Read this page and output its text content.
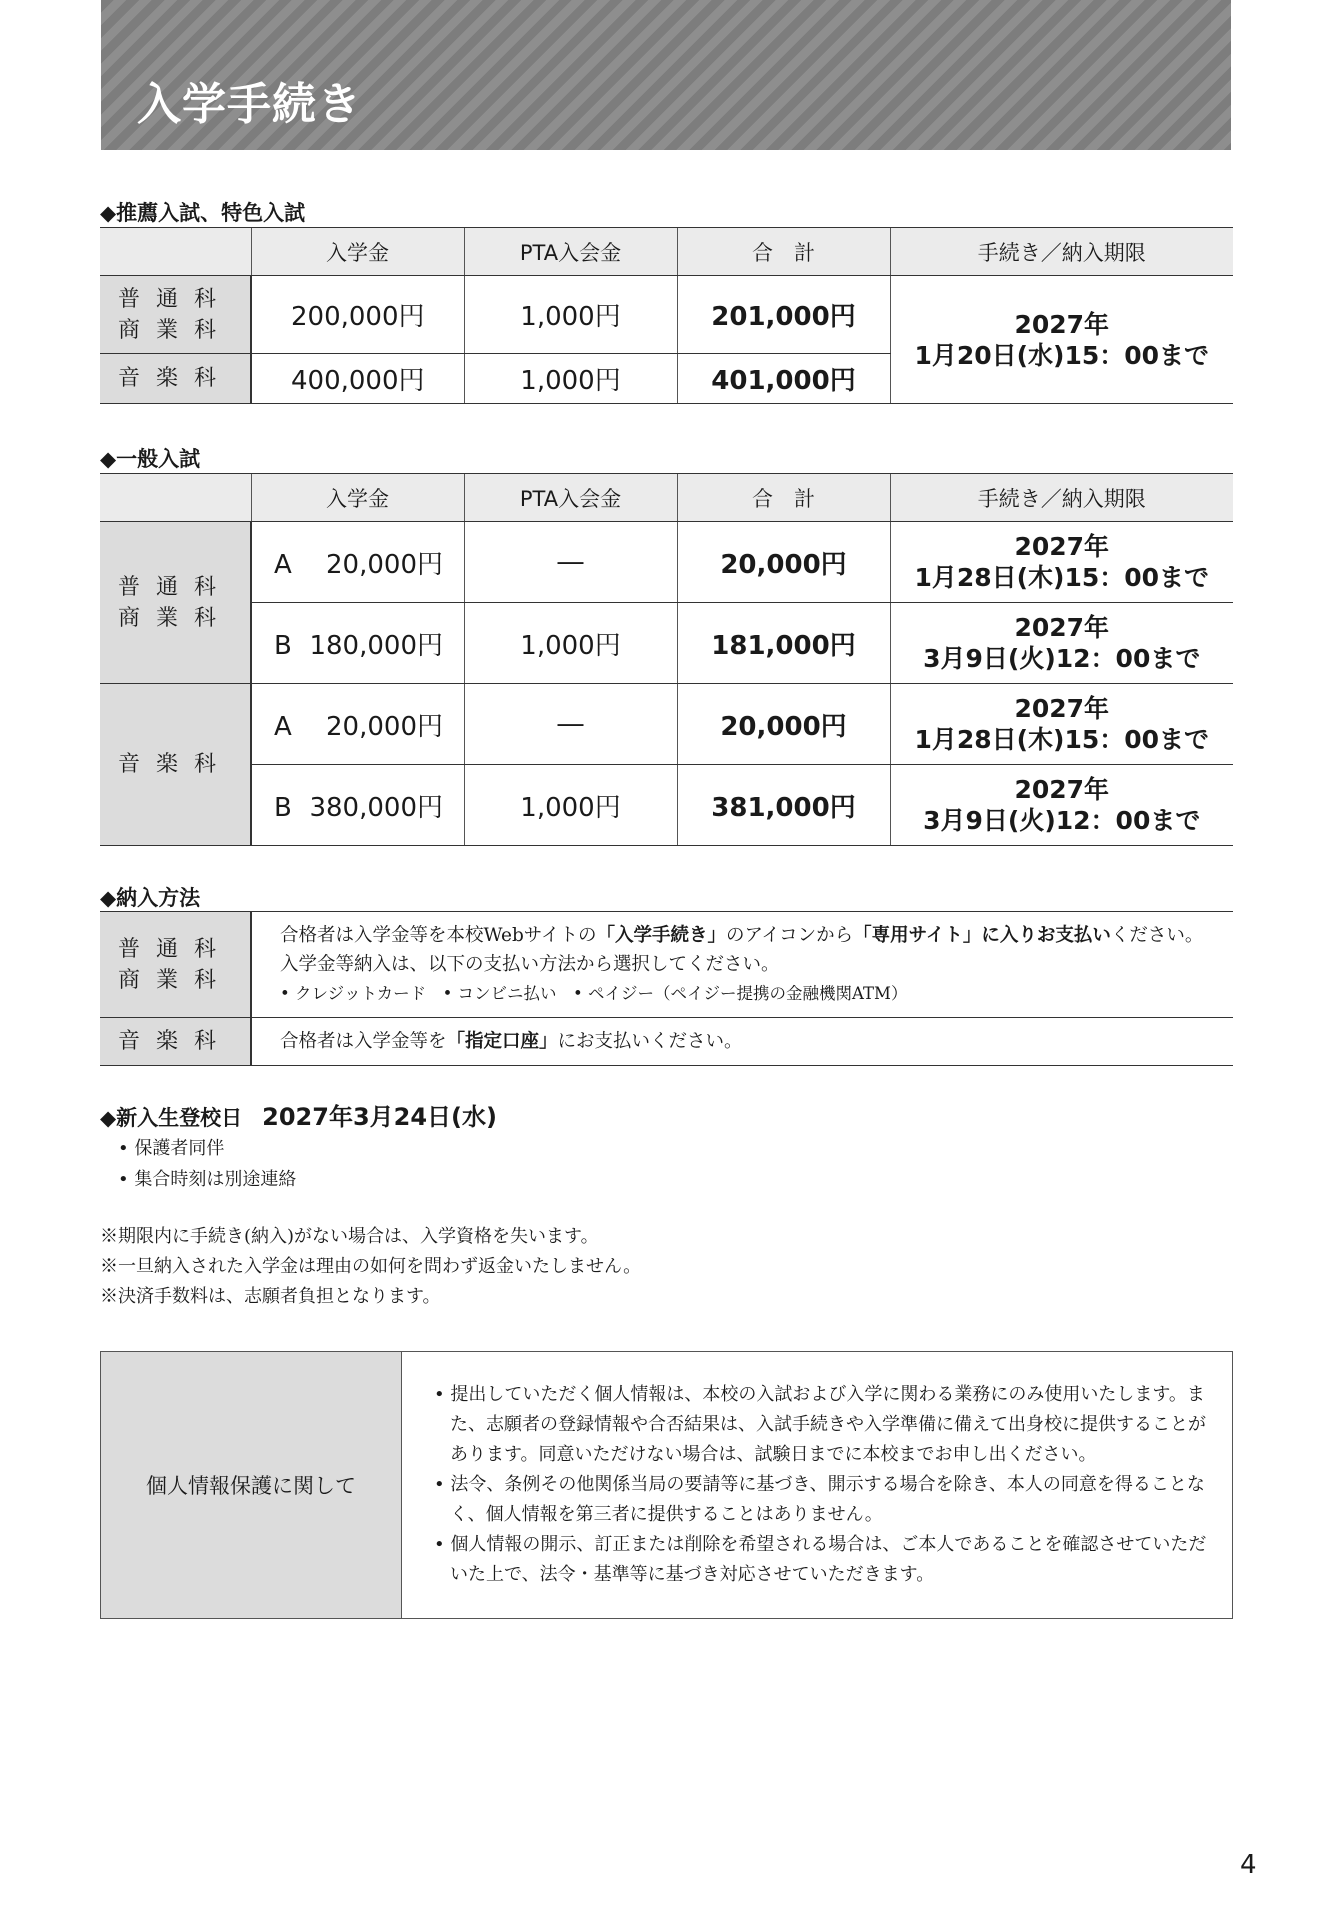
入学手続き
◆推薦入試、特色入試
	入学金	PTA入会金	合　計	手続き／納入期限
普通科
商業科	200,000円	1,000円	201,000円	2027年
1月20日(水)15：00まで
音楽科	400,000円	1,000円	401,000円	
◆一般入試
	入学金	PTA入会金	合　計	手続き／納入期限
普通科
商業科	A 20,000円	―	20,000円	2027年
1月28日(木)15：00まで
	B 180,000円	1,000円	181,000円	2027年
3月9日(火)12：00まで
音楽科	A 20,000円	―	20,000円	2027年
1月28日(木)15：00まで
	B 380,000円	1,000円	381,000円	2027年
3月9日(火)12：00まで
◆納入方法
普通科
商業科	合格者は入学金等を本校Webサイトの「入学手続き」のアイコンから「専用サイト」に入りお支払いください。入学金等納入は、以下の支払い方法から選択してください。
• クレジットカード　• コンビニ払い　• ペイジー（ペイジー提携の金融機関ATM）
音楽科	合格者は入学金等を「指定口座」にお支払いください。
◆新入生登校日 2027年3月24日(水)
• 保護者同伴
• 集合時刻は別途連絡
※期限内に手続き(納入)がない場合は、入学資格を失います。
※一旦納入された入学金は理由の如何を問わず返金いたしません。
※決済手数料は、志願者負担となります。
個人情報保護に関して

• 提出していただく個人情報は、本校の入試および入学に関わる業務にのみ使用いたします。また、志願者の登録情報や合否結果は、入試手続きや入学準備に備えて出身校に提供することがあります。同意いただけない場合は、試験日までに本校までお申し出ください。

• 法令、条例その他関係当局の要請等に基づき、開示する場合を除き、本人の同意を得ることなく、個人情報を第三者に提供することはありません。

• 個人情報の開示、訂正または削除を希望される場合は、ご本人であることを確認させていただいた上で、法令・基準等に基づき対応させていただきます。

4
